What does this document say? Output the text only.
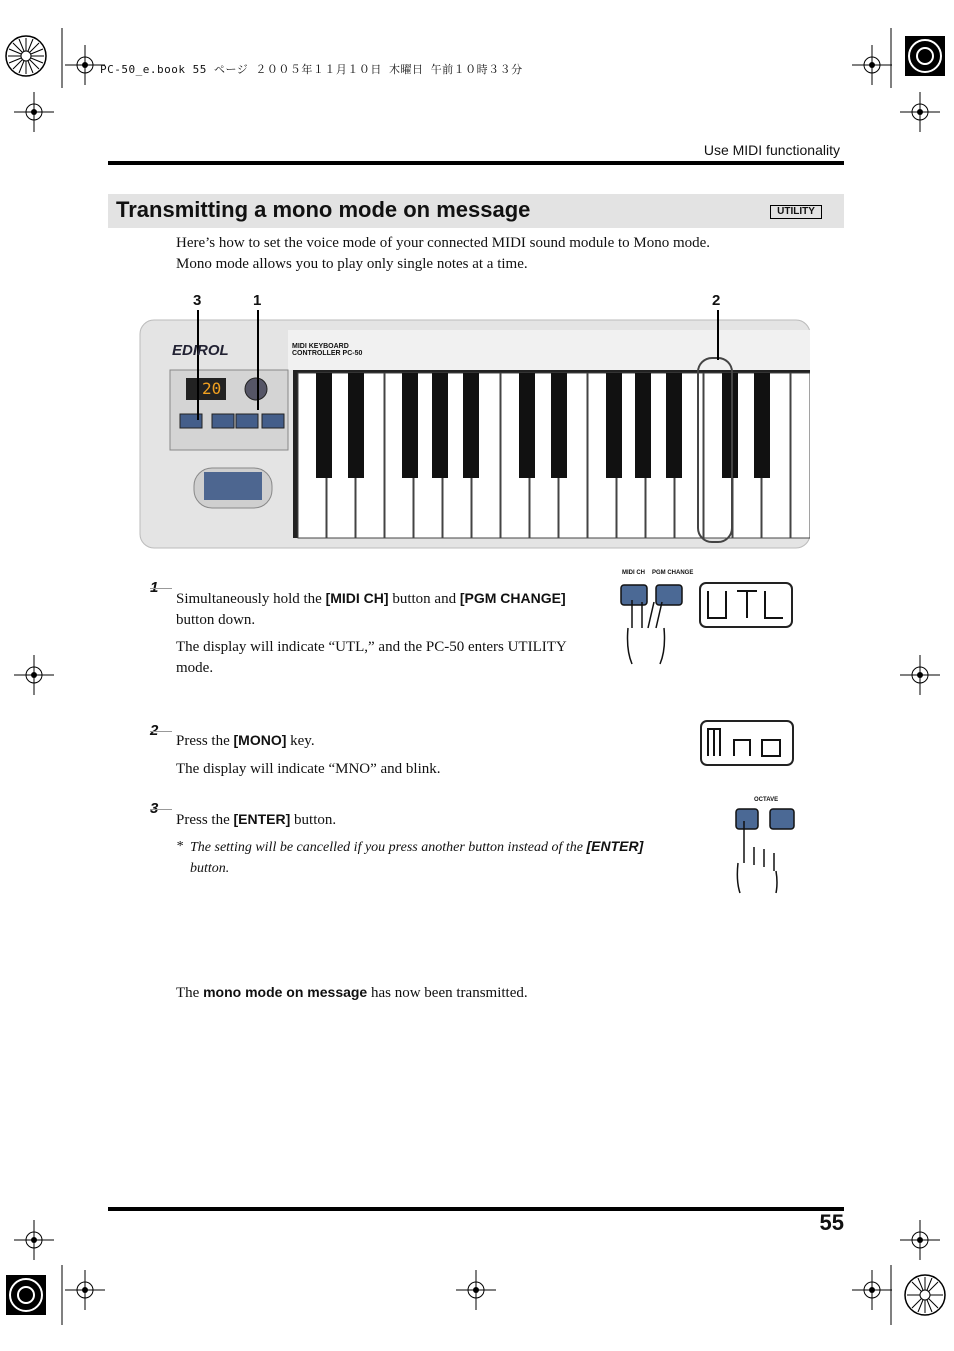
PC-50_e.book 55 ページ ２００５年１１月１０日 木曜日 午前１０時３３分
Use MIDI functionality
Transmitting a mono mode on message	UTILITY
Here’s how to set the voice mode of your connected MIDI sound module to Mono mode.
Mono mode allows you to play only single notes at a time.
3	1	2
EDIROL	MIDI KEYBOARD
CONTROLLER PC-50
20
Simultaneously hold the [MIDI CH] button and [PGM CHANGE]
button down.
The display will indicate “UTL,” and the PC-50 enters UTILITY
mode.
MIDI CH PGM CHANGE
Press the [MONO] key.
The display will indicate “MNO” and blink.
Press the [ENTER] button.
* The setting will be cancelled if you press another button instead of the [ENTER]
button.
OCTAVE
The mono mode on message has now been transmitted.
55
